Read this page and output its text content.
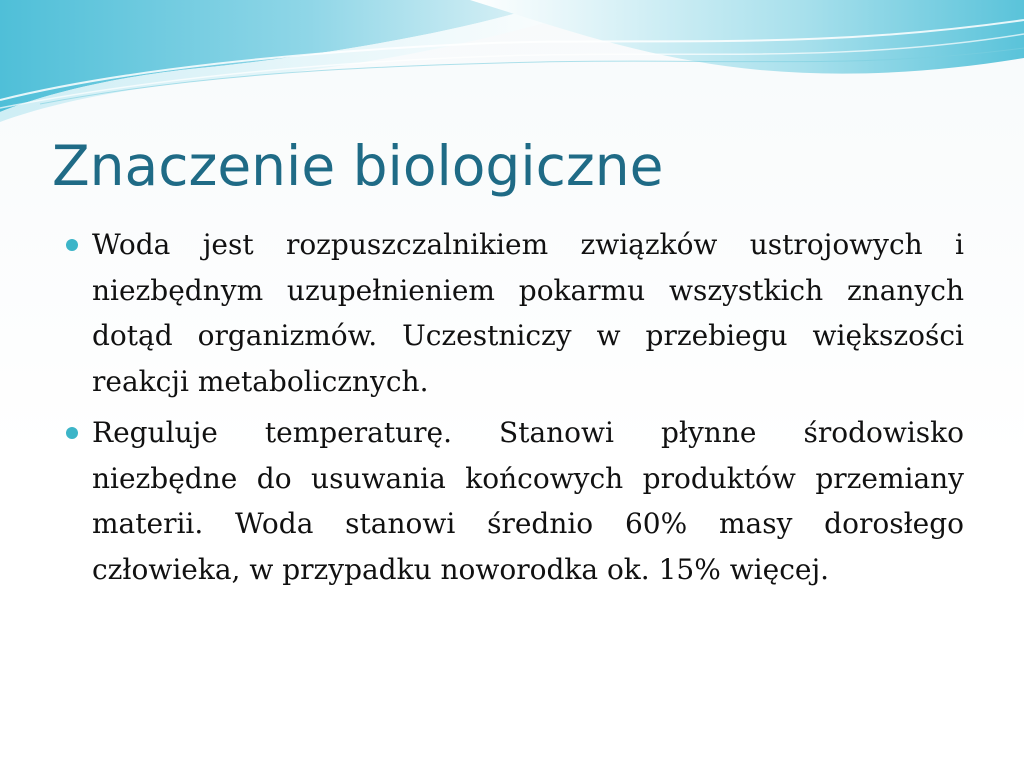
Znaczenie biologiczne
Woda jest rozpuszczalnikiem związków ustrojowych i niezbędnym uzupełnieniem pokarmu wszystkich znanych dotąd organizmów. Uczestniczy w przebiegu większości reakcji metabolicznych.
Reguluje temperaturę. Stanowi płynne środowisko niezbędne do usuwania końcowych produktów przemiany materii. Woda stanowi średnio 60% masy dorosłego człowieka, w przypadku noworodka ok. 15% więcej.
